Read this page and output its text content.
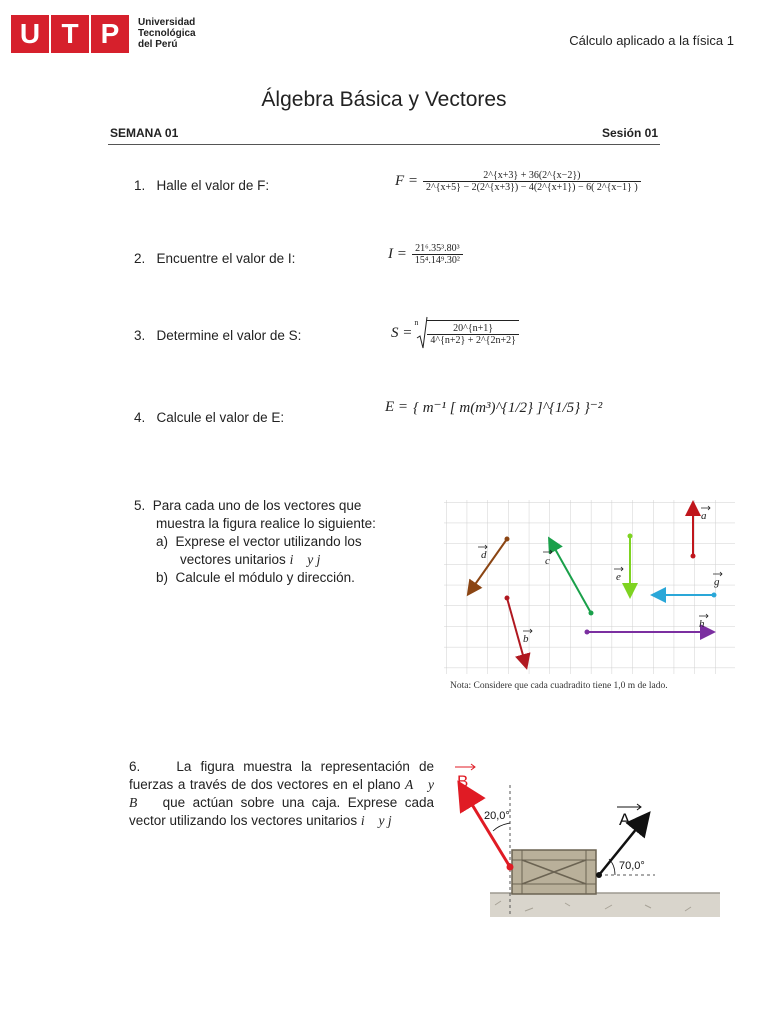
U T P	Universidad
Tecnológica
del Perú	Cálculo aplicado a la física 1
Álgebra Básica y Vectores
SEMANA 01	Sesión 01
1. Halle el valor de F:	$F = \frac{2\^{}\{x+3\} + 36(2\^{}\{x-2\})}{2\^{}\{x+5\} - 2(2\^{}\{x+3\}) - 4(2\^{}\{x+1\}) - 6( 2\^{}\{x-1\} )}$
2. Encuentre el valor de I:	$I = \frac{\text{21⁶.35³.80³}}{\text{15⁴.14⁹.30²}}$
3. Determine el valor de S:	S =
n $\frac{20\^{}\{n+1\}}{4\^{}\{n+2\} + 2\^{}\{2n+2\}}$
4. Calcule el valor de E:
E = { m⁻¹ [ m(m³)^{1/2} ]^{1/5} }⁻²
5. Para cada uno de los vectores que
muestra la figura realice lo siguiente:
a) Exprese el vector utilizando los
vectores unitarios i⃗ y j⃗
b) Calcule el módulo y dirección.
a
b
c
d
e	g
h
Nota: Considere que cada cuadradito tiene 1,0 m de lado.
6.	La figura muestra la representación de fuerzas a través de dos vectores en el plano A⃗ y B⃗ que actúan sobre una caja. Exprese cada vector utilizando los vectores unitarios i⃗ y j⃗
B
A
20,0°
70,0°
